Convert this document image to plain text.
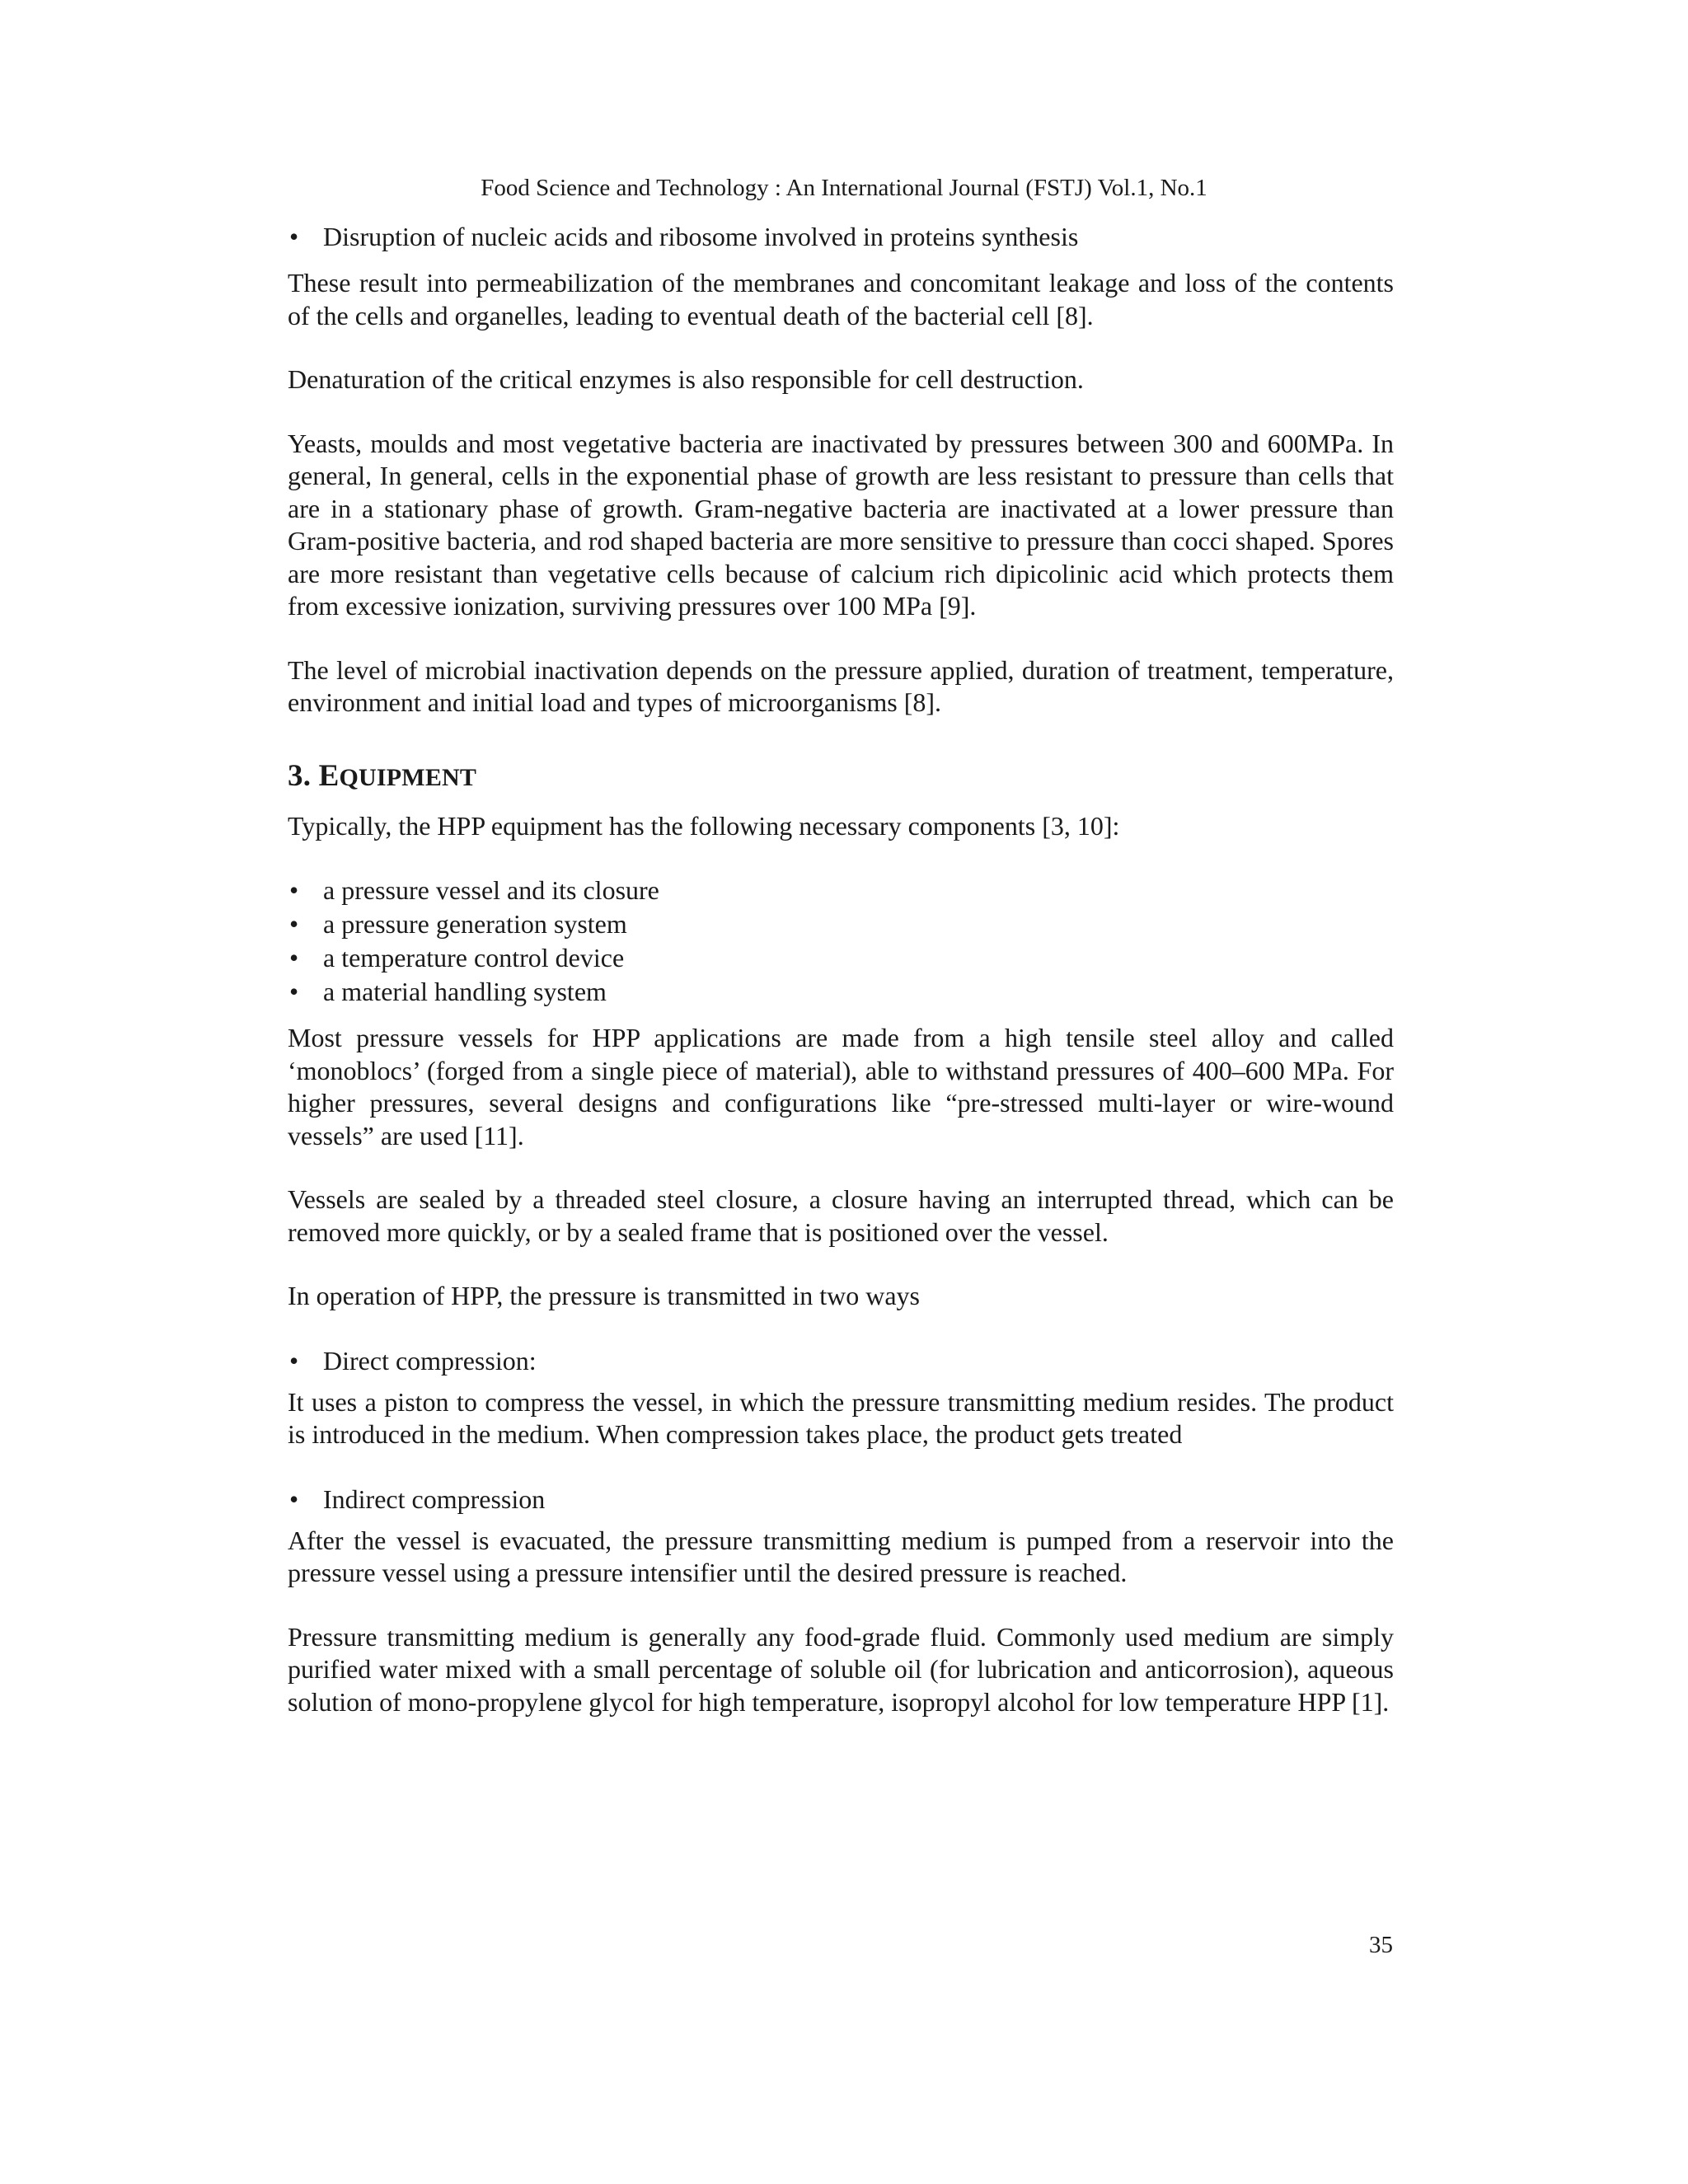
Food Science and Technology : An International Journal (FSTJ) Vol.1, No.1
• Disruption of nucleic acids and ribosome involved in proteins synthesis

These result into permeabilization of the membranes and concomitant leakage and loss of the contents of the cells and organelles, leading to eventual death of the bacterial cell [8].

Denaturation of the critical enzymes is also responsible for cell destruction.

Yeasts, moulds and most vegetative bacteria are inactivated by pressures between 300 and 600MPa. In general, In general, cells in the exponential phase of growth are less resistant to pressure than cells that are in a stationary phase of growth. Gram-negative bacteria are inactivated at a lower pressure than Gram-positive bacteria, and rod shaped bacteria are more sensitive to pressure than cocci shaped. Spores are more resistant than vegetative cells because of calcium rich dipicolinic acid which protects them from excessive ionization, surviving pressures over 100 MPa [9].

The level of microbial inactivation depends on the pressure applied, duration of treatment, temperature, environment and initial load and types of microorganisms [8].

3. EQUIPMENT

Typically, the HPP equipment has the following necessary components [3, 10]:

• a pressure vessel and its closure
• a pressure generation system
• a temperature control device
• a material handling system

Most pressure vessels for HPP applications are made from a high tensile steel alloy and called ‘monoblocs’ (forged from a single piece of material), able to withstand pressures of 400–600 MPa. For higher pressures, several designs and configurations like “pre-stressed multi-layer or wire-wound vessels” are used [11].

Vessels are sealed by a threaded steel closure, a closure having an interrupted thread, which can be removed more quickly, or by a sealed frame that is positioned over the vessel.

In operation of HPP, the pressure is transmitted in two ways

• Direct compression:

It uses a piston to compress the vessel, in which the pressure transmitting medium resides. The product is introduced in the medium. When compression takes place, the product gets treated

• Indirect compression

After the vessel is evacuated, the pressure transmitting medium is pumped from a reservoir into the pressure vessel using a pressure intensifier until the desired pressure is reached.

Pressure transmitting medium is generally any food-grade fluid. Commonly used medium are simply purified water mixed with a small percentage of soluble oil (for lubrication and anticorrosion), aqueous solution of mono-propylene glycol for high temperature, isopropyl alcohol for low temperature HPP [1].

35
